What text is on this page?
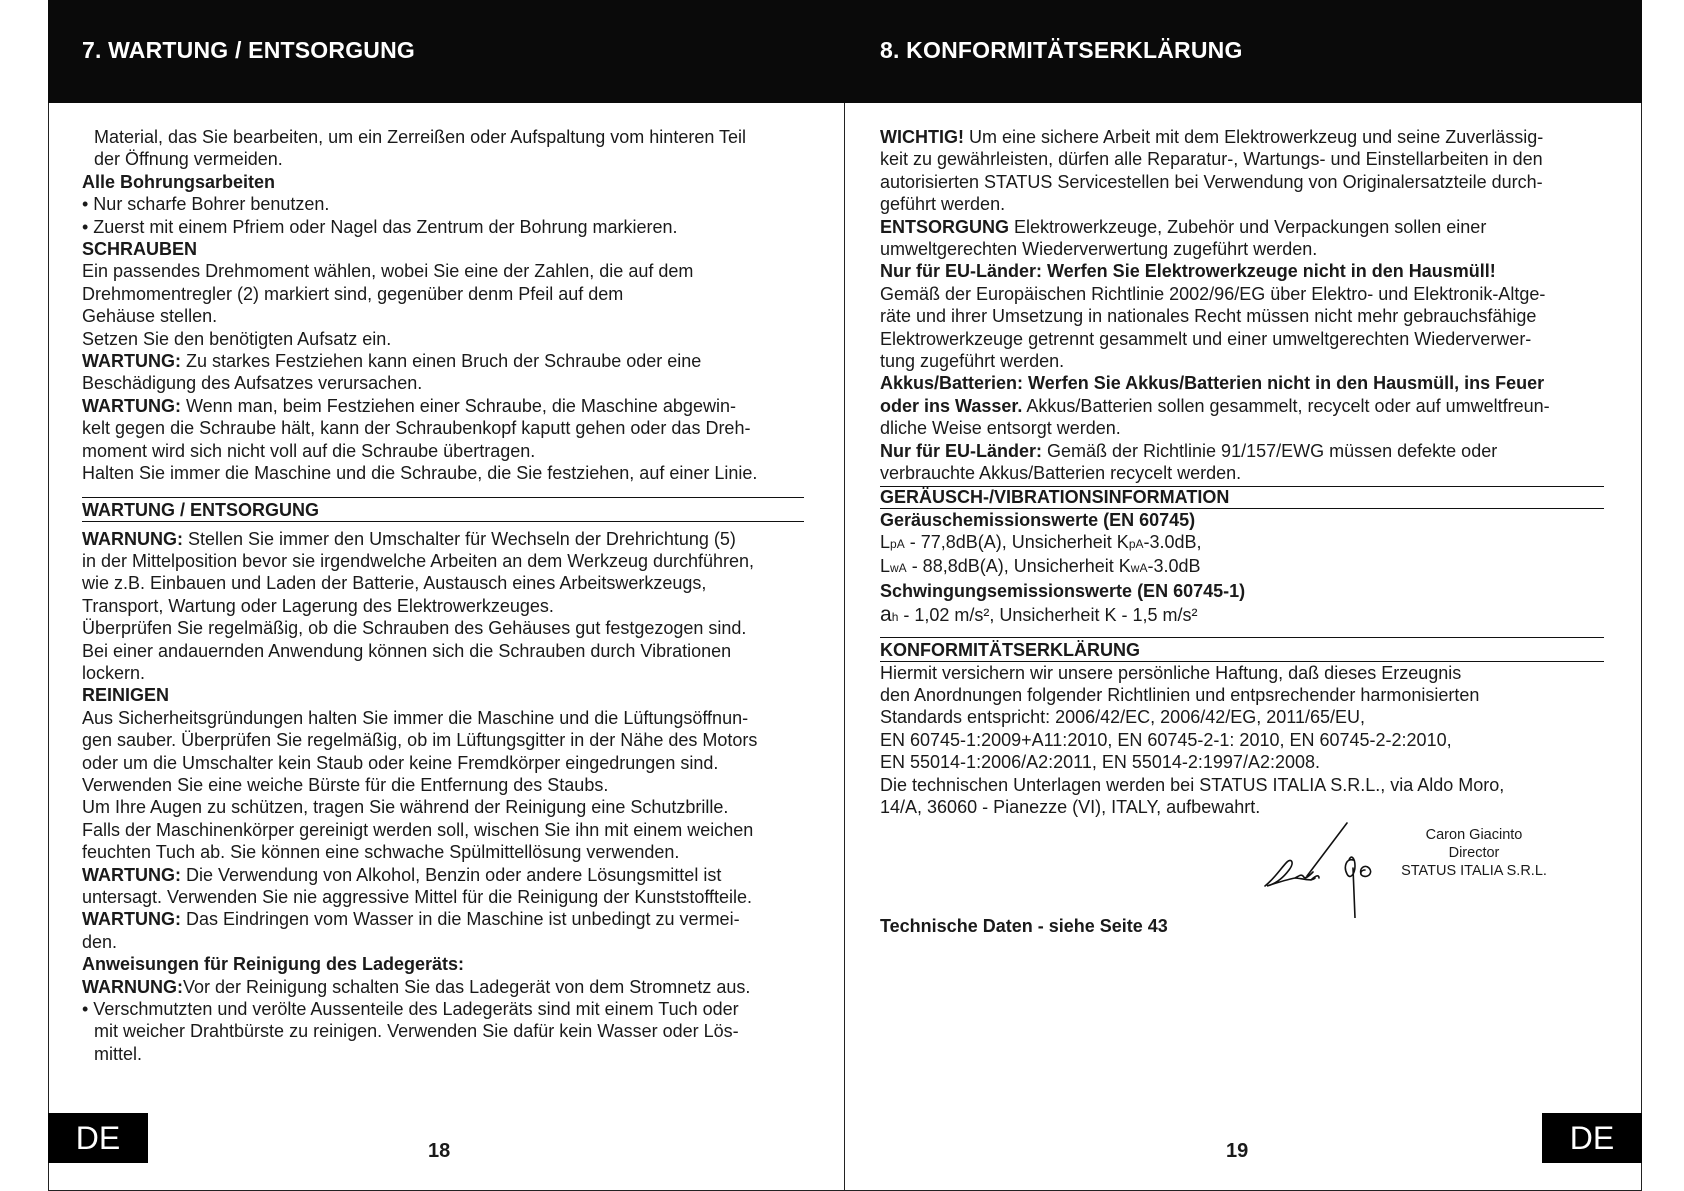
7. WARTUNG / ENTSORGUNG	8. KONFORMITÄTSERKLÄRUNG
Material, das Sie bearbeiten, um ein Zerreißen oder Aufspaltung vom hinteren Teil
der Öffnung vermeiden.
Alle Bohrungsarbeiten
• Nur scharfe Bohrer benutzen.
• Zuerst mit einem Pfriem oder Nagel das Zentrum der Bohrung markieren.
SCHRAUBEN
Ein passendes Drehmoment wählen, wobei Sie eine der Zahlen, die auf dem
Drehmomentregler (2) markiert sind, gegenüber denm Pfeil auf dem
Gehäuse stellen.
Setzen Sie den benötigten Aufsatz ein.
WARTUNG: Zu starkes Festziehen kann einen Bruch der Schraube oder eine
Beschädigung des Aufsatzes verursachen.
WARTUNG: Wenn man, beim Festziehen einer Schraube, die Maschine abgewin-
kelt gegen die Schraube hält, kann der Schraubenkopf kaputt gehen oder das Dreh-
moment wird sich nicht voll auf die Schraube übertragen.
Halten Sie immer die Maschine und die Schraube, die Sie festziehen, auf einer Linie.
WARTUNG / ENTSORGUNG
WARNUNG: Stellen Sie immer den Umschalter für Wechseln der Drehrichtung (5)
in der Mittelposition bevor sie irgendwelche Arbeiten an dem Werkzeug durchführen,
wie z.B. Einbauen und Laden der Batterie, Austausch eines Arbeitswerkzeugs,
Transport, Wartung oder Lagerung des Elektrowerkzeuges.
Überprüfen Sie regelmäßig, ob die Schrauben des Gehäuses gut festgezogen sind.
Bei einer andauernden Anwendung können sich die Schrauben durch Vibrationen
lockern.
REINIGEN
Aus Sicherheitsgründungen halten Sie immer die Maschine und die Lüftungsöffnun-
gen sauber. Überprüfen Sie regelmäßig, ob im Lüftungsgitter in der Nähe des Motors
oder um die Umschalter kein Staub oder keine Fremdkörper eingedrungen sind.
Verwenden Sie eine weiche Bürste für die Entfernung des Staubs.
Um Ihre Augen zu schützen, tragen Sie während der Reinigung eine Schutzbrille.
Falls der Maschinenkörper gereinigt werden soll, wischen Sie ihn mit einem weichen
feuchten Tuch ab. Sie können eine schwache Spülmittellösung verwenden.
WARTUNG: Die Verwendung von Alkohol, Benzin oder andere Lösungsmittel ist
untersagt. Verwenden Sie nie aggressive Mittel für die Reinigung der Kunststoffteile.
WARTUNG: Das Eindringen vom Wasser in die Maschine ist unbedingt zu vermei-
den.
Anweisungen für Reinigung des Ladegeräts:
WARNUNG:Vor der Reinigung schalten Sie das Ladegerät von dem Stromnetz aus.
• Verschmutzten und verölte Aussenteile des Ladegeräts sind mit einem Tuch oder
mit weicher Drahtbürste zu reinigen. Verwenden Sie dafür kein Wasser oder Lös-
mittel.
WICHTIG! Um eine sichere Arbeit mit dem Elektrowerkzeug und seine Zuverlässig-
keit zu gewährleisten, dürfen alle Reparatur-, Wartungs- und Einstellarbeiten in den
autorisierten STATUS Servicestellen bei Verwendung von Originalersatzteile durch-
geführt werden.
ENTSORGUNG Elektrowerkzeuge, Zubehör und Verpackungen sollen einer
umweltgerechten Wiederverwertung zugeführt werden.
Nur für EU-Länder: Werfen Sie Elektrowerkzeuge nicht in den Hausmüll!
Gemäß der Europäischen Richtlinie 2002/96/EG über Elektro- und Elektronik-Altge-
räte und ihrer Umsetzung in nationales Recht müssen nicht mehr gebrauchsfähige
Elektrowerkzeuge getrennt gesammelt und einer umweltgerechten Wiederverwer-
tung zugeführt werden.
Akkus/Batterien: Werfen Sie Akkus/Batterien nicht in den Hausmüll, ins Feuer
oder ins Wasser. Akkus/Batterien sollen gesammelt, recycelt oder auf umweltfreun-
dliche Weise entsorgt werden.
Nur für EU-Länder: Gemäß der Richtlinie 91/157/EWG müssen defekte oder
verbrauchte Akkus/Batterien recycelt werden.
GERÄUSCH-/VIBRATIONSINFORMATION
Geräuschemissionswerte (EN 60745)
LpA - 77,8dB(A), Unsicherheit KpA-3.0dB,
LwA - 88,8dB(A), Unsicherheit KwA-3.0dB
Schwingungsemissionswerte (EN 60745-1)
ah - 1,02 m/s², Unsicherheit K - 1,5 m/s²
KONFORMITÄTSERKLÄRUNG
Hiermit versichern wir unsere persönliche Haftung, daß dieses Erzeugnis
den Anordnungen folgender Richtlinien und entpsrechender harmonisierten
Standards entspricht: 2006/42/EC, 2006/42/EG, 2011/65/EU,
EN 60745-1:2009+A11:2010, EN 60745-2-1: 2010, EN 60745-2-2:2010,
EN 55014-1:2006/A2:2011, EN 55014-2:1997/A2:2008.
Die technischen Unterlagen werden bei STATUS ITALIA S.R.L., via Aldo Moro,
14/A, 36060 - Pianezze (VI), ITALY, aufbewahrt.
Caron Giacinto
Director
STATUS ITALIA S.R.L.
Technische Daten - siehe Seite 43
DE	DE
18	19
